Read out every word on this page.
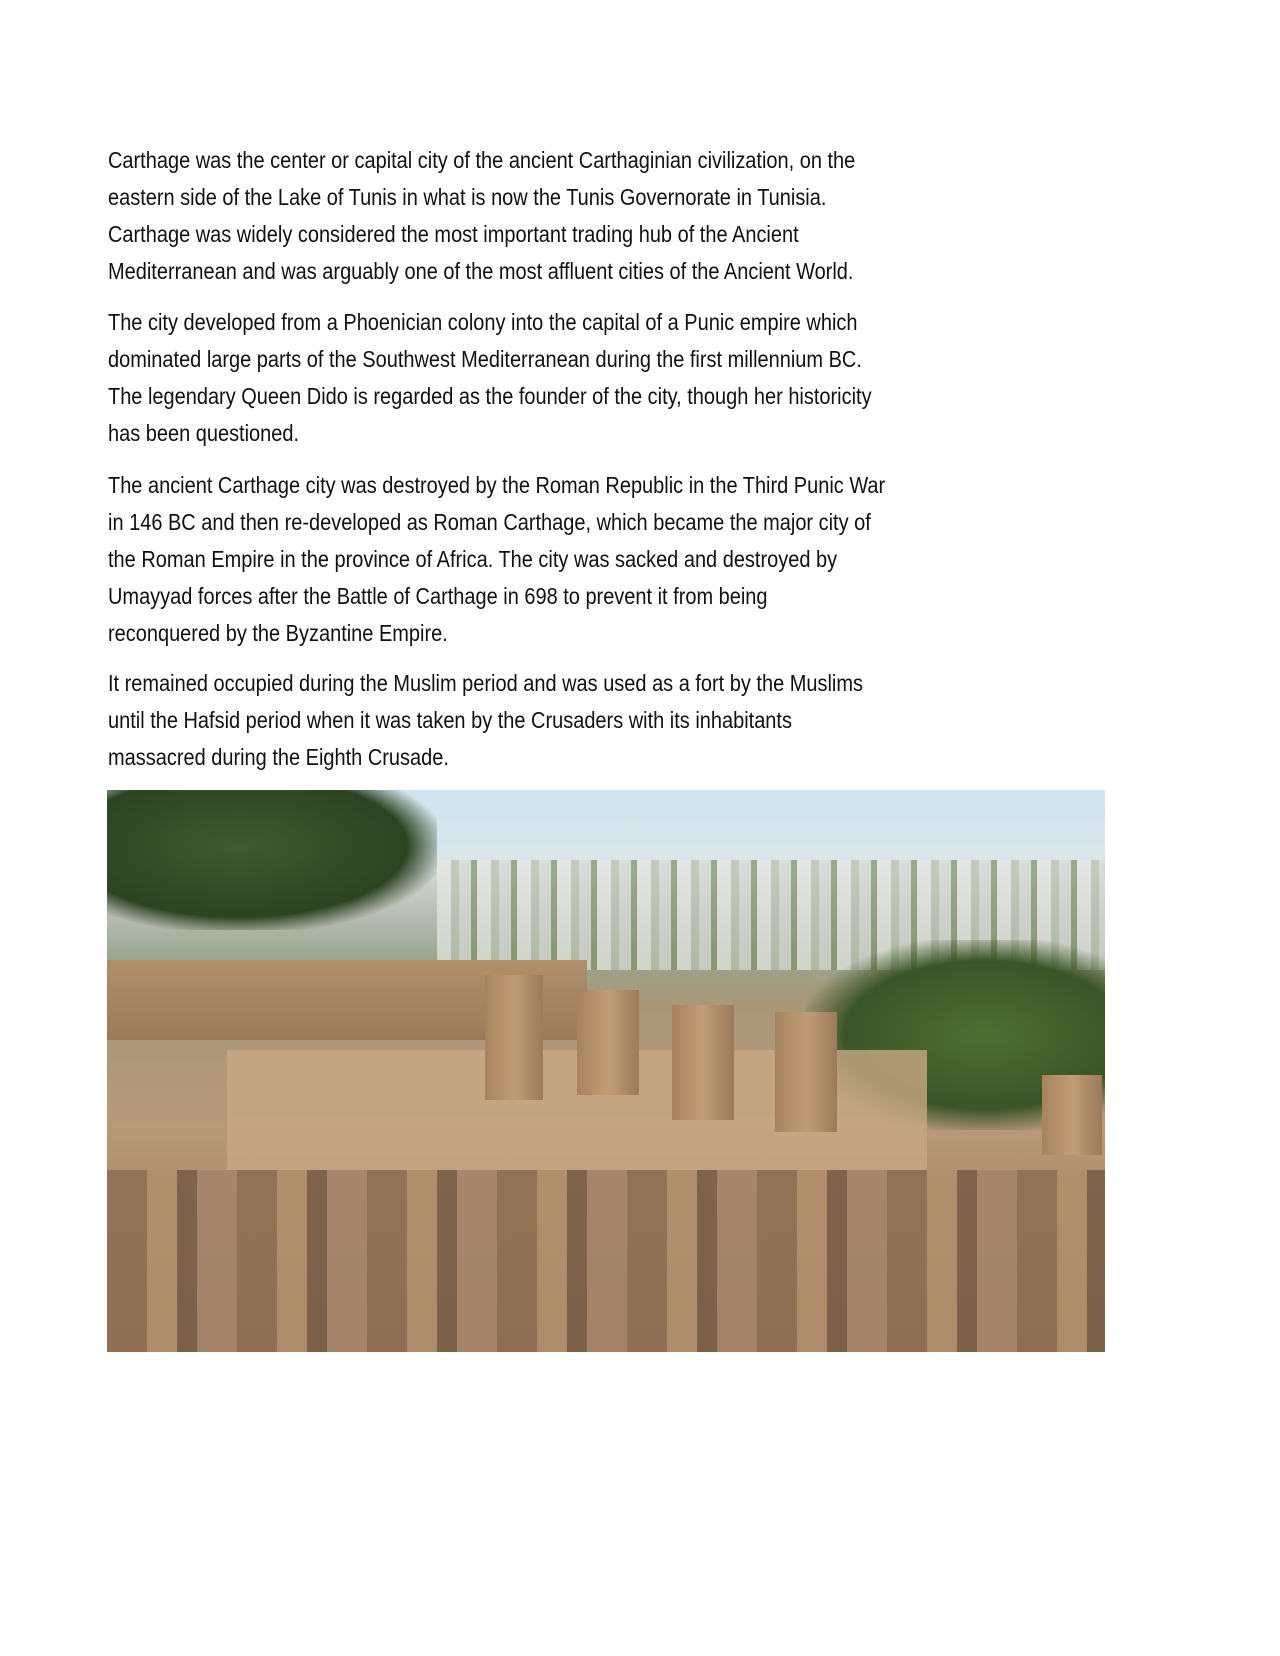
Carthage was the center or capital city of the ancient Carthaginian civilization, on the
eastern side of the Lake of Tunis in what is now the Tunis Governorate in Tunisia.
Carthage was widely considered the most important trading hub of the Ancient
Mediterranean and was arguably one of the most affluent cities of the Ancient World.
The city developed from a Phoenician colony into the capital of a Punic empire which
dominated large parts of the Southwest Mediterranean during the first millennium BC.
The legendary Queen Dido is regarded as the founder of the city, though her historicity
has been questioned.
The ancient Carthage city was destroyed by the Roman Republic in the Third Punic War
in 146 BC and then re-developed as Roman Carthage, which became the major city of
the Roman Empire in the province of Africa. The city was sacked and destroyed by
Umayyad forces after the Battle of Carthage in 698 to prevent it from being
reconquered by the Byzantine Empire.
It remained occupied during the Muslim period and was used as a fort by the Muslims
until the Hafsid period when it was taken by the Crusaders with its inhabitants
massacred during the Eighth Crusade.
